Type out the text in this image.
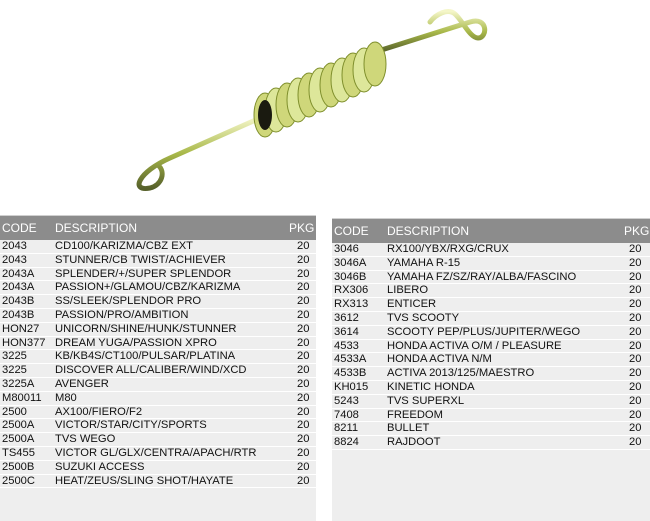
CODE DESCRIPTION	PKG
2043	CD100/KARIZMA/CBZ EXT	20
2043	STUNNER/CB TWIST/ACHIEVER	20
2043A SPLENDER/+/SUPER SPLENDOR	20
2043A PASSION+/GLAMOU/CBZ/KARIZMA	20
2043B SS/SLEEK/SPLENDOR PRO	20
2043B PASSION/PRO/AMBITION	20
HON27 UNICORN/SHINE/HUNK/STUNNER	20
HON377 DREAM YUGA/PASSION XPRO	20
3225	KB/KB4S/CT100/PULSAR/PLATINA	20
3225	DISCOVER ALL/CALIBER/WIND/XCD	20
3225A AVENGER	20
M80011 M80	20
2500	AX100/FIERO/F2	20
2500A VICTOR/STAR/CITY/SPORTS	20
2500A TVS WEGO	20
TS455 VICTOR GL/GLX/CENTRA/APACH/RTR	20
2500B SUZUKI ACCESS	20
2500C HEAT/ZEUS/SLING SHOT/HAYATE	20
CODE DESCRIPTION	PKG
3046	RX100/YBX/RXG/CRUX	20
3046A YAMAHA R-15	20
3046B YAMAHA FZ/SZ/RAY/ALBA/FASCINO	20
RX306 LIBERO	20
RX313 ENTICER	20
3612	TVS SCOOTY	20
3614	SCOOTY PEP/PLUS/JUPITER/WEGO	20
4533	HONDA ACTIVA O/M / PLEASURE	20
4533A HONDA ACTIVA N/M	20
4533B ACTIVA 2013/125/MAESTRO	20
KH015 KINETIC HONDA	20
5243	TVS SUPERXL	20
7408	FREEDOM	20
8211	BULLET	20
8824	RAJDOOT	20
